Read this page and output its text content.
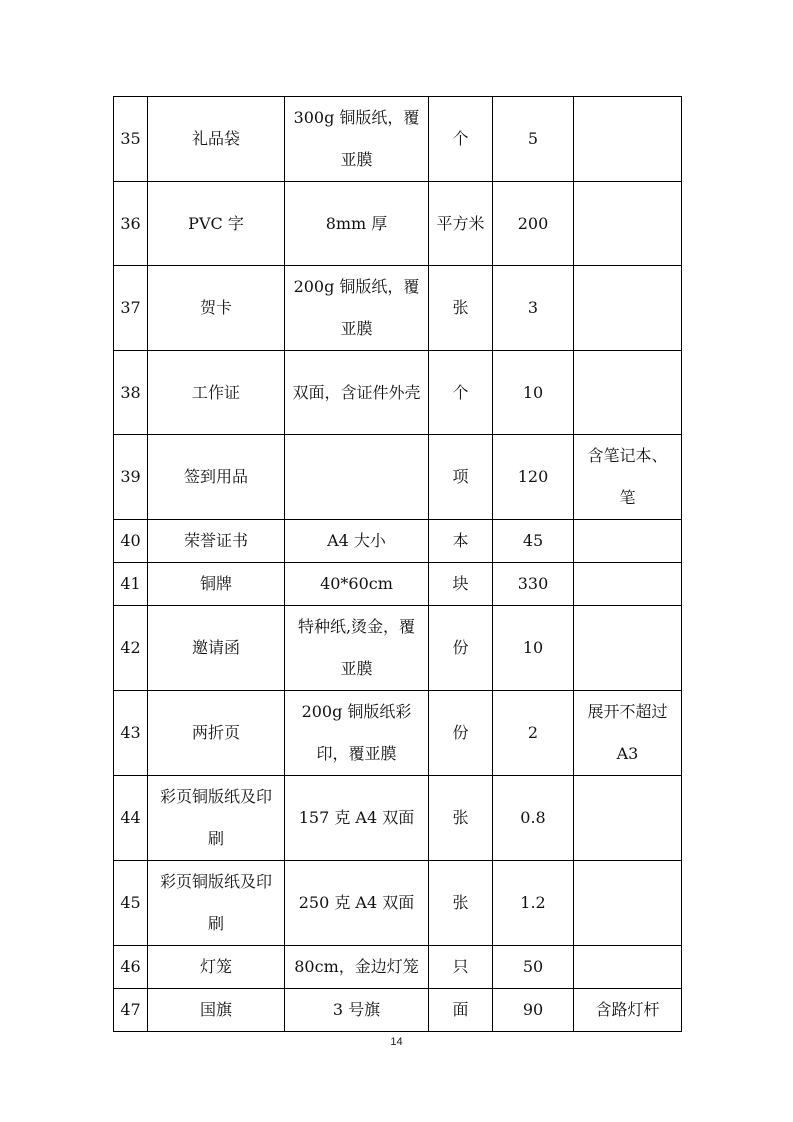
35	礼品袋	300g 铜版纸，覆亚膜	个	5	
36	PVC 字	8mm 厚	平方米	200	
37	贺卡	200g 铜版纸，覆亚膜	张	3	
38	工作证	双面，含证件外壳	个	10	
39	签到用品		项	120	含笔记本、笔
40	荣誉证书	A4 大小	本	45	
41	铜牌	40*60cm	块	330	
42	邀请函	特种纸,烫金，覆亚膜	份	10	
43	两折页	200g 铜版纸彩印，覆亚膜	份	2	展开不超过 A3
44	彩页铜版纸及印刷	157 克 A4 双面	张	0.8	
45	彩页铜版纸及印刷	250 克 A4 双面	张	1.2	
46	灯笼	80cm，金边灯笼	只	50	
47	国旗	3 号旗	面	90	含路灯杆
14
